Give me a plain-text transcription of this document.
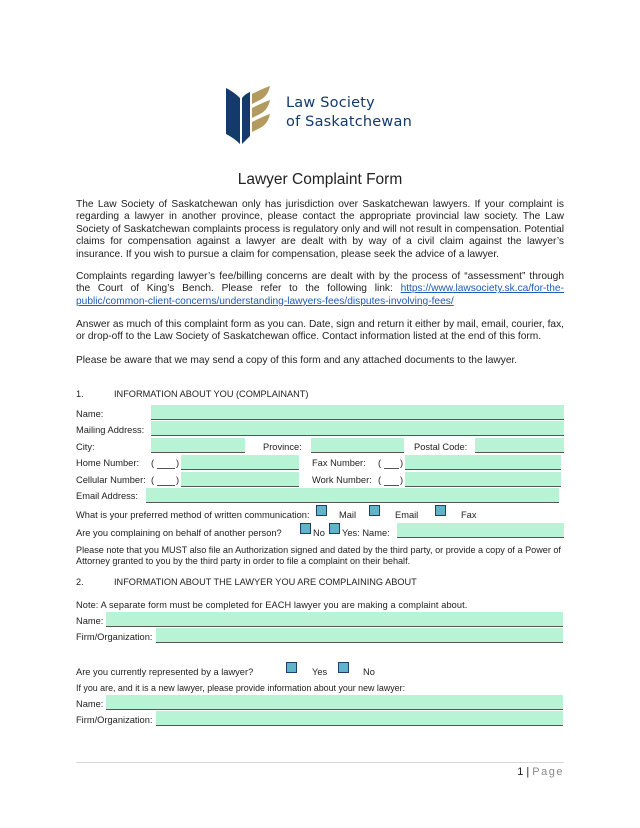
Law Society
of Saskatchewan
Lawyer Complaint Form
The Law Society of Saskatchewan only has jurisdiction over Saskatchewan lawyers. If your complaint is regarding a lawyer in another province, please contact the appropriate provincial law society. The Law Society of Saskatchewan complaints process is regulatory only and will not result in compensation. Potential claims for compensation against a lawyer are dealt with by way of a civil claim against the lawyer’s insurance. If you wish to pursue a claim for compensation, please seek the advice of a lawyer.
Complaints regarding lawyer’s fee/billing concerns are dealt with by the process of “assessment” through the Court of King’s Bench. Please refer to the following link: https://www.lawsociety.sk.ca/for-the-public/common-client-concerns/understanding-lawyers-fees/disputes-involving-fees/
Answer as much of this complaint form as you can. Date, sign and return it either by mail, email, courier, fax, or drop-off to the Law Society of Saskatchewan office. Contact information listed at the end of this form.
Please be aware that we may send a copy of this form and any attached documents to the lawyer.
1.	INFORMATION ABOUT YOU (COMPLAINANT)
Name:
Mailing Address:
City:	Province:	Postal Code:
Home Number: ( )	Fax Number: ( )
Cellular Number: ( )	Work Number: ( )
Email Address:
What is your preferred method of written communication:	Mail	Email	Fax
Are you complaining on behalf of another person?	No Yes: Name:
Please note that you MUST also file an Authorization signed and dated by the third party, or provide a copy of a Power of Attorney granted to you by the third party in order to file a complaint on their behalf.
2.	INFORMATION ABOUT THE LAWYER YOU ARE COMPLAINING ABOUT
Note: A separate form must be completed for EACH lawyer you are making a complaint about.
Name:
Firm/Organization:
Are you currently represented by a lawyer?	Yes	No
If you are, and it is a new lawyer, please provide information about your new lawyer:
Name:
Firm/Organization:
1 | Page
